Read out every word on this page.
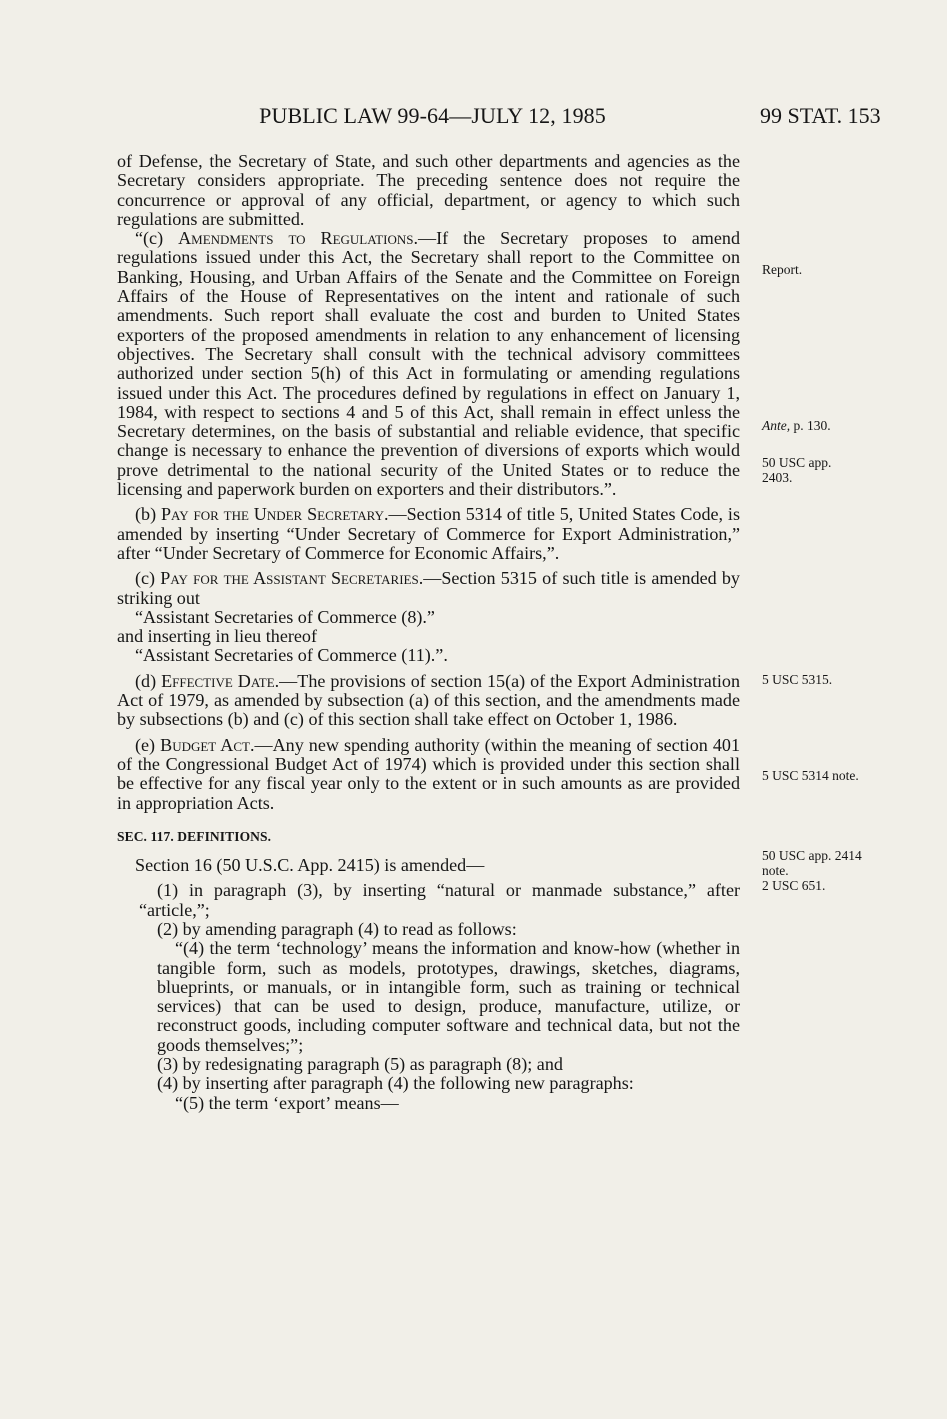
PUBLIC LAW 99-64—JULY 12, 1985	99 STAT. 153

of Defense, the Secretary of State, and such other departments and agencies as the Secretary considers appropriate. The preceding sentence does not require the concurrence or approval of any official, department, or agency to which such regulations are submitted.

“(c) Amendments to Regulations.—If the Secretary proposes to amend regulations issued under this Act, the Secretary shall report to the Committee on Banking, Housing, and Urban Affairs of the Senate and the Committee on Foreign Affairs of the House of Representatives on the intent and rationale of such amendments. Such report shall evaluate the cost and burden to United States exporters of the proposed amendments in relation to any enhancement of licensing objectives. The Secretary shall consult with the technical advisory committees authorized under section 5(h) of this Act in formulating or amending regulations issued under this Act. The procedures defined by regulations in effect on January 1, 1984, with respect to sections 4 and 5 of this Act, shall remain in effect unless the Secretary determines, on the basis of substantial and reliable evidence, that specific change is necessary to enhance the prevention of diversions of exports which would prove detrimental to the national security of the United States or to reduce the licensing and paperwork burden on exporters and their distributors.”.

(b) Pay for the Under Secretary.—Section 5314 of title 5, United States Code, is amended by inserting “Under Secretary of Commerce for Export Administration,” after “Under Secretary of Commerce for Economic Affairs,”.

(c) Pay for the Assistant Secretaries.—Section 5315 of such title is amended by striking out

“Assistant Secretaries of Commerce (8).”

and inserting in lieu thereof

“Assistant Secretaries of Commerce (11).”.

(d) Effective Date.—The provisions of section 15(a) of the Export Administration Act of 1979, as amended by subsection (a) of this section, and the amendments made by subsections (b) and (c) of this section shall take effect on October 1, 1986.

(e) Budget Act.—Any new spending authority (within the meaning of section 401 of the Congressional Budget Act of 1974) which is provided under this section shall be effective for any fiscal year only to the extent or in such amounts as are provided in appropriation Acts.

SEC. 117. DEFINITIONS.

Section 16 (50 U.S.C. App. 2415) is amended—

(1) in paragraph (3), by inserting “natural or manmade substance,” after “article,”;

(2) by amending paragraph (4) to read as follows:

“(4) the term ‘technology’ means the information and know-how (whether in tangible form, such as models, prototypes, drawings, sketches, diagrams, blueprints, or manuals, or in intangible form, such as training or technical services) that can be used to design, produce, manufacture, utilize, or reconstruct goods, including computer software and technical data, but not the goods themselves;”;

(3) by redesignating paragraph (5) as paragraph (8); and

(4) by inserting after paragraph (4) the following new paragraphs:

“(5) the term ‘export’ means—

Report.
Ante, p. 130.
50 USC app.
2403.
5 USC 5315.
5 USC 5314 note.
50 USC app. 2414
note.
2 USC 651.
